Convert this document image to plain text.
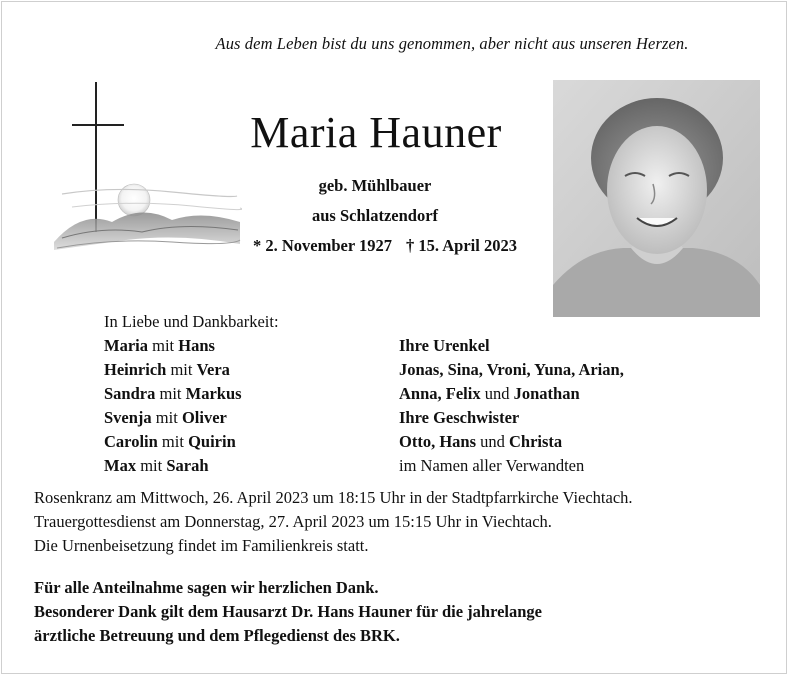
Aus dem Leben bist du uns genommen, aber nicht aus unseren Herzen.
Maria Hauner
geb. Mühlbauer
aus Schlatzendorf
* 2. November 1927 † 15. April 2023
In Liebe und Dankbarkeit:
Maria mit Hans
Heinrich mit Vera
Sandra mit Markus
Svenja mit Oliver
Carolin mit Quirin
Max mit Sarah
Ihre Urenkel
Jonas, Sina, Vroni, Yuna, Arian,
Anna, Felix und Jonathan
Ihre Geschwister
Otto, Hans und Christa
im Namen aller Verwandten
Rosenkranz am Mittwoch, 26. April 2023 um 18:15 Uhr in der Stadtpfarrkirche Viechtach.
Trauergottesdienst am Donnerstag, 27. April 2023 um 15:15 Uhr in Viechtach.
Die Urnenbeisetzung findet im Familienkreis statt.
Für alle Anteilnahme sagen wir herzlichen Dank.
Besonderer Dank gilt dem Hausarzt Dr. Hans Hauner für die jahrelange
ärztliche Betreuung und dem Pflegedienst des BRK.
